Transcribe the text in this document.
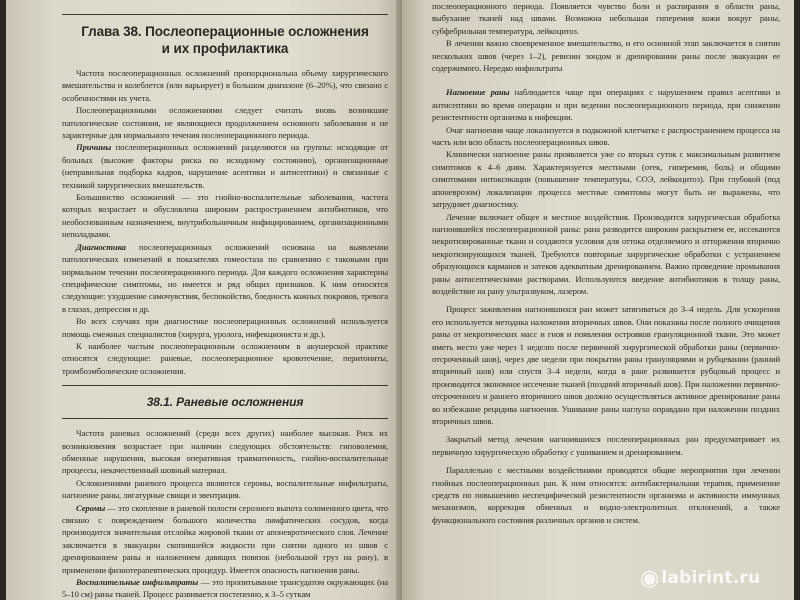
Глава 38. Послеоперационные осложнения
и их профилактика

Частота послеоперационных осложнений пропорциональна объему хирургического вмешательства и колеблется (или варьирует) в большом диапазоне (6–20%), что связано с особенностями их учета.

Послеоперационными осложнениями следует считать вновь возникшие патологические состояния, не являющиеся продолжением основного заболевания и не характерные для нормального течения послеоперационного периода.

Причины послеоперационных осложнений разделяются на группы: исходящие от больных (высокие факторы риска по исходному состоянию), организационные (неправильная подборка кадров, нарушение асептики и антисептики) и связанные с техникой хирургических вмешательств.

Большинство осложнений — это гнойно-воспалительные заболевания, частота которых возрастает и обусловлена широким распространением антибиотиков, что необоснованным назначением, внутрибольничным инфицированием, организационными неполадками.

Диагностика послеоперационных осложнений основана на выявлении патологических изменений в показателях гомеостаза по сравнению с таковыми при нормальном течении послеоперационного периода. Для каждого осложнения характерны специфические симптомы, но имеется и ряд общих признаков. К ним относятся следующие: ухудшение самочувствия, беспокойство, бледность кожных покровов, тревога в глазах, депрессия и др.

Во всех случаях при диагностике послеоперационных осложнений используется помощь смежных специалистов (хирурга, уролога, инфекциониста и др.).

К наиболее частым послеоперационным осложнениям в акушерской практике относятся следующие: раневые, послеоперационное кровотечение, перитониты, тромбоэмболические осложнения.

38.1. Раневые осложнения

Частота раневых осложнений (среди всех других) наиболее высокая. Риск их возникновения возрастает при наличии следующих обстоятельств: гиповолемия, обменные нарушения, высокая оперативная травматичность, гнойно-воспалительные процессы, некачественный шовный материал.

Осложнениями раневого процесса являются серомы, воспалительные инфильтраты, нагноение раны, лигатурные свищи и эвентрация.

Серомы — это скопление в раневой полости серозного выпота соломенного цвета, что связано с повреждением большого количества лимфатических сосудов, когда производится значительная отслойка жировой ткани от апоневротического слоя. Лечение заключается в эвакуации скопившейся жидкости при снятии одного из швов с дренированием раны и наложением давящих повязок (небольшой груз на рану), в применении физиотерапевтических процедур. Имеется опасность нагноения раны.

Воспалительные инфильтраты — это пропитывание трансудатом окружающих (на 5–10 см) раны тканей. Процесс развивается постепенно, к 3–5 суткам

послеоперационного периода. Появляется чувство боли и распирания в области раны, выбухание тканей над швами. Возможна небольшая гиперемия кожи вокруг раны, субфебрильная температура, лейкоцитоз.

В лечении важно своевременное вмешательство, и его основной этап заключается в снятии нескольких швов (через 1–2), ревизии зондом и дренировании раны после эвакуации ее содержимого. Нередко инфильтраты

Нагноение раны наблюдается чаще при операциях с нарушением правил асептики и антисептики во время операции и при ведении послеоперационного периода, при снижении резистентности организма к инфекции.

Очаг нагноения чаще локализуется в подкожной клетчатке с распространением процесса на часть или всю область послеоперационных швов.

Клинически нагноение раны проявляется уже со вторых суток с максимальным развитием симптомов к 4–6 дням. Характеризуется местными (отек, гиперемия, боль) и общими симптомами интоксикации (повышение температуры, СОЭ, лейкоцитоз). При глубокой (под апоневрозом) локализации процесса местные симптомы могут быть не выражены, что затрудняет диагностику.

Лечение включает общее и местное воздействия. Производится хирургическая обработка нагноившейся послеоперационной раны: рана разводится широким раскрытием ее, иссекаются некротизированные ткани и создаются условия для оттока отделяемого и отторжения вторично некротизирующихся тканей. Требуются повторные хирургические обработки с устранением образующихся карманов и затеков адекватным дренированием. Важно проведение промывания раны антисептическими растворами. Используются введение антибиотиков в толщу раны, воздействие на рану ультразвуком, лазером.

Процесс заживления нагноившихся ран может затягиваться до 3–4 недель. Для ускорения его используется методика наложения вторичных швов. Они показаны после полного очищения раны от некротических масс и гноя и появления островков грануляционной ткани. Это может иметь место уже через 1 неделю после первичной хирургической обработки раны (первично-отсроченный шов), через две недели при покрытии раны грануляциями и рубцевании (ранний вторичный шов) или спустя 3–4 недели, когда в ране развивается рубцовый процесс и производится экономное иссечение тканей (поздний вторичный шов). При наложении первично-отсроченного и раннего вторичного швов должно осуществляться активное дренирование раны во избежание рецидива нагноения. Ушивание раны наглухо оправдано при наложении поздних вторичных швов.

Закрытый метод лечения нагноившихся послеоперационных ран предусматривает их первичную хирургическую обработку с ушиванием и дренированием.

Параллельно с местными воздействиями проводятся общие мероприятия при лечении гнойных послеоперационных ран. К ним относятся: антибактериальная терапия, применение средств по повышению неспецифической резистентности организма и активности иммунных механизмов, коррекция обменных и водно-электролитных отклонений, а также функционального состояния различных органов и систем.

◉ labirint.ru
